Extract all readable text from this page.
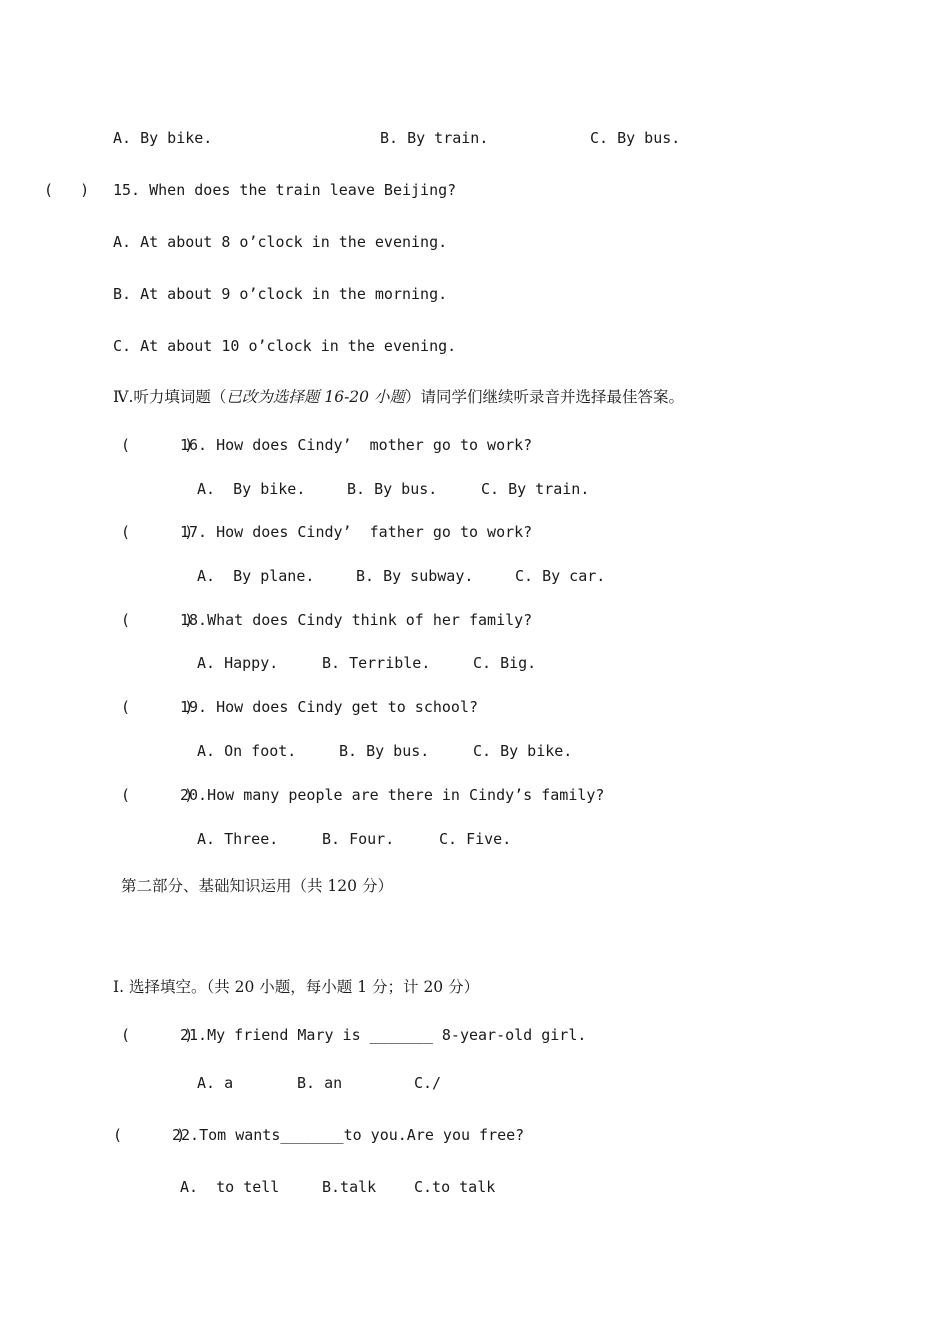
A. By bike.	B. By train.	C. By bus.
(   ) 15. When does the train leave Beijing?
A. At about 8 o’clock in the evening.
B. At about 9 o’clock in the morning.
C. At about 10 o’clock in the evening.
Ⅳ.听力填词题（已改为选择题 16-20 小题）请同学们继续听录音并选择最佳答案。
(      )
16. How does Cindy’  mother go to work?
A.  By bike.	B. By bus.	C. By train.
(      )
17. How does Cindy’  father go to work?
A.  By plane.	B. By subway.	C. By car.
(      )
18.What does Cindy think of her family?
A. Happy.	B. Terrible.	C. Big.
(      )
19. How does Cindy get to school?
A. On foot.	B. By bus.	C. By bike.
(      )
20.How many people are there in Cindy’s family?
A. Three.	B. Four.	C. Five.
第二部分、基础知识运用（共 120 分）
Ⅰ. 选择填空。（共 20 小题，每小题 1 分；计 20 分）
(      )
21.My friend Mary is _______ 8-year-old girl.
A. a	B. an	C./
(      )
22.Tom wants_______to you.Are you free?
A.  to tell	B.talk	C.to talk
